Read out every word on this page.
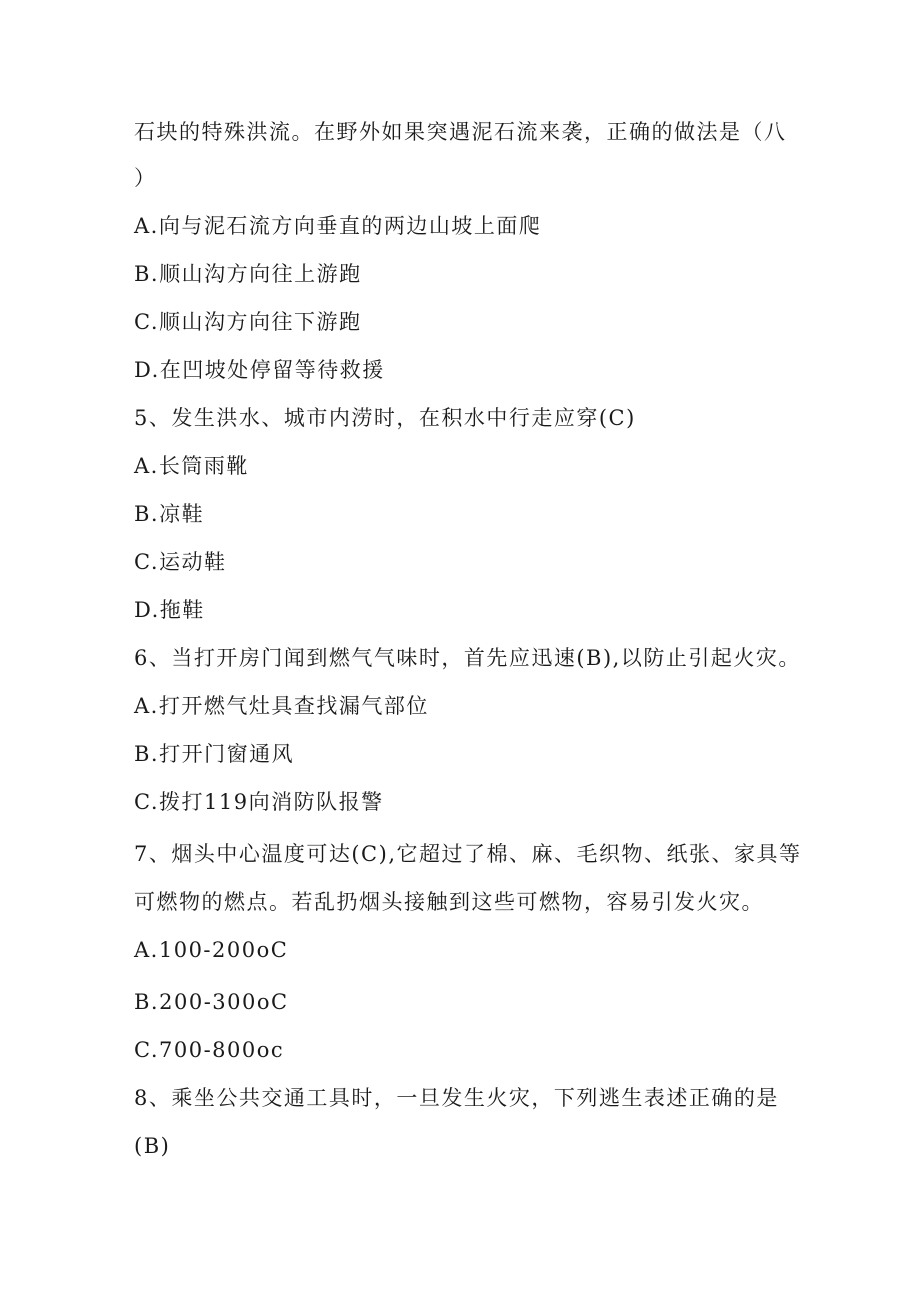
石块的特殊洪流。在野外如果突遇泥石流来袭，正确的做法是（八
）
A.向与泥石流方向垂直的两边山坡上面爬
B.顺山沟方向往上游跑
C.顺山沟方向往下游跑
D.在凹坡处停留等待救援
5、发生洪水、城市内涝时，在积水中行走应穿(C)
A.长筒雨靴
B.凉鞋
C.运动鞋
D.拖鞋
6、当打开房门闻到燃气气味时，首先应迅速(B),以防止引起火灾。
A.打开燃气灶具查找漏气部位
B.打开门窗通风
C.拨打119向消防队报警
7、烟头中心温度可达(C),它超过了棉、麻、毛织物、纸张、家具等
可燃物的燃点。若乱扔烟头接触到这些可燃物，容易引发火灾。
A.100-200oC
B.200-300oC
C.700-800oc
8、乘坐公共交通工具时，一旦发生火灾，下列逃生表述正确的是
(B)
